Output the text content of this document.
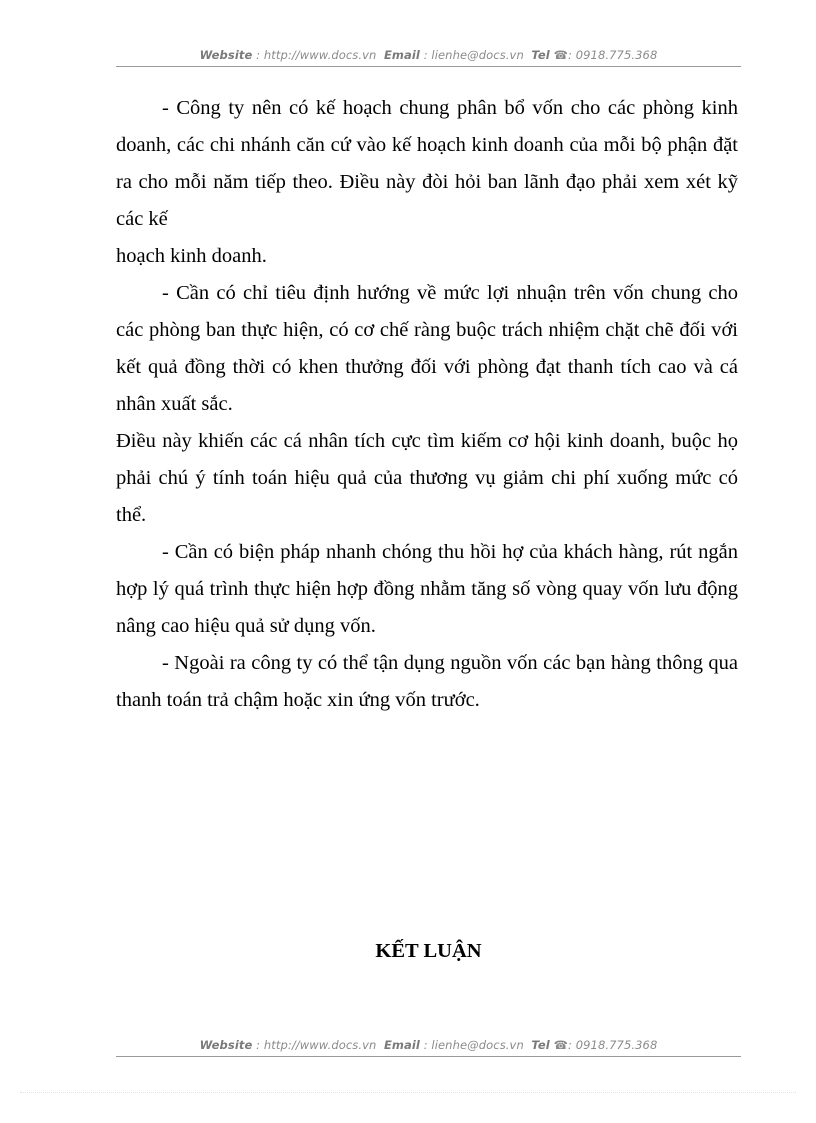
Website : http://www.docs.vn Email : lienhe@docs.vn Tel ☎: 0918.775.368

- Công ty nên có kế hoạch chung phân bổ vốn cho các phòng kinh doanh, các chi nhánh căn cứ vào kế hoạch kinh doanh của mỗi bộ phận đặt ra cho mỗi năm tiếp theo. Điều này đòi hỏi ban lãnh đạo phải xem xét kỹ các kế

hoạch kinh doanh.

- Cần có chỉ tiêu định hướng về mức lợi nhuận trên vốn chung cho các phòng ban thực hiện, có cơ chế ràng buộc trách nhiệm chặt chẽ đối với kết quả đồng thời có khen thưởng đối với phòng đạt thanh tích cao và cá nhân xuất sắc.

Điều này khiến các cá nhân tích cực tìm kiếm cơ hội kinh doanh, buộc họ phải chú ý tính toán hiệu quả của thương vụ giảm chi phí xuống mức có thể.

- Cần có biện pháp nhanh chóng thu hồi hợ của khách hàng, rút ngắn hợp lý quá trình thực hiện hợp đồng nhằm tăng số vòng quay vốn lưu động nâng cao hiệu quả sử dụng vốn.

- Ngoài ra công ty có thể tận dụng nguồn vốn các bạn hàng thông qua thanh toán trả chậm hoặc xin ứng vốn trước.

KẾT LUẬN
Website : http://www.docs.vn Email : lienhe@docs.vn Tel ☎: 0918.775.368
